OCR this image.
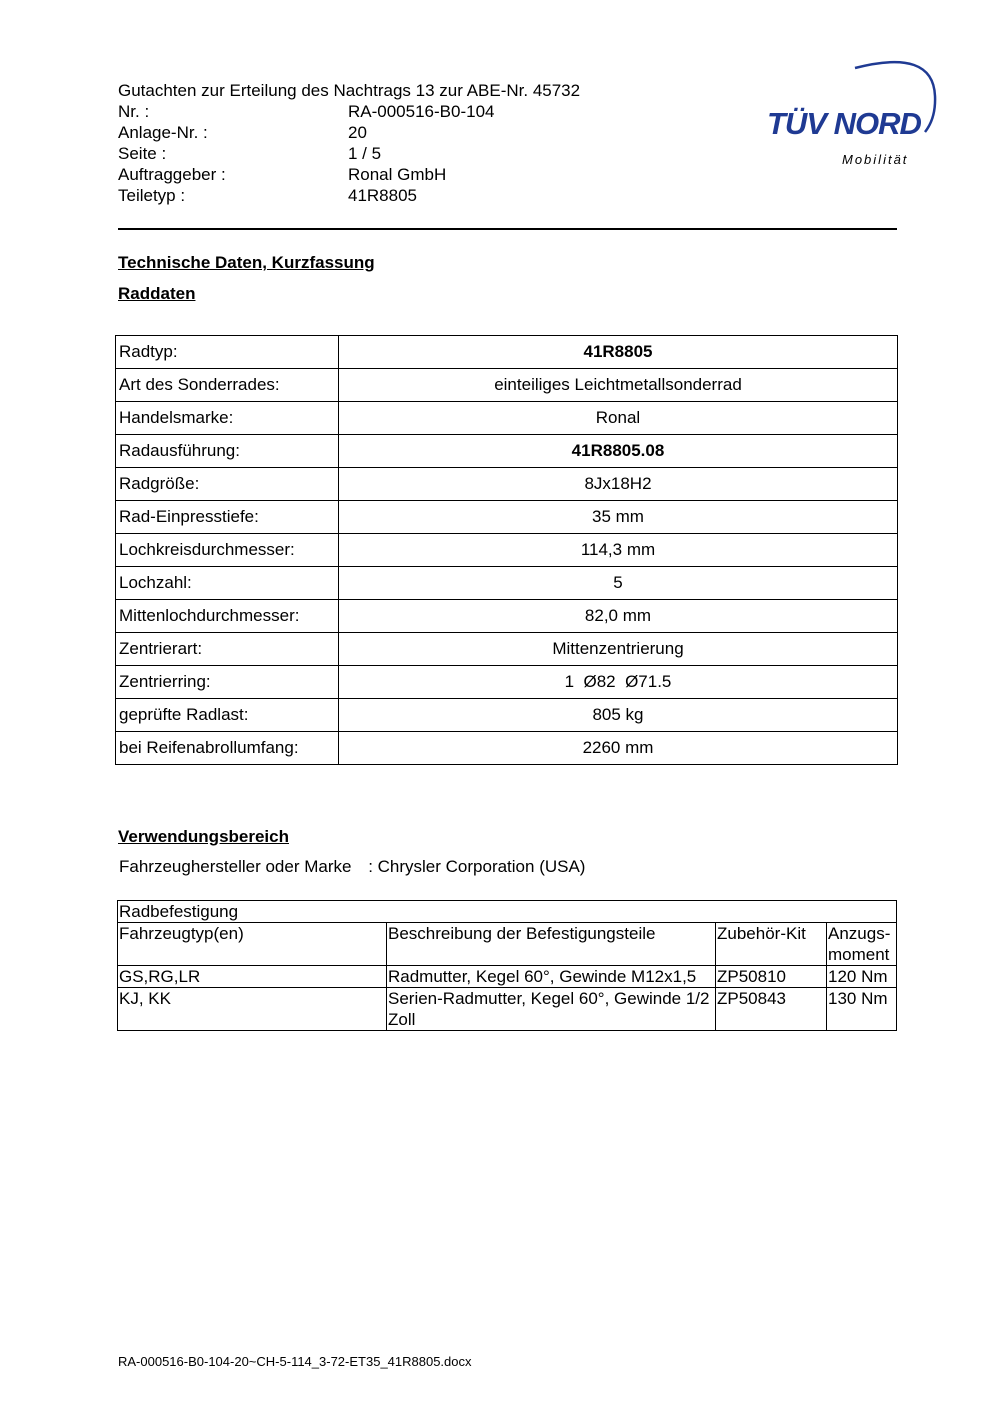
Gutachten zur Erteilung des Nachtrags 13 zur ABE-Nr. 45732
Nr. :	RA-000516-B0-104
Anlage-Nr. :	20
Seite :	1 / 5
Auftraggeber :	Ronal GmbH
Teiletyp :	41R8805
TÜV NORD
Mobilität
Technische Daten, Kurzfassung
Raddaten
Radtyp:	41R8805
Art des Sonderrades:	einteiliges Leichtmetallsonderrad
Handelsmarke:	Ronal
Radausführung:	41R8805.08
Radgröße:	8Jx18H2
Rad-Einpresstiefe:	35 mm
Lochkreisdurchmesser:	114,3 mm
Lochzahl:	5
Mittenlochdurchmesser:	82,0 mm
Zentrierart:	Mittenzentrierung
Zentrierring:	1  Ø82  Ø71.5
geprüfte Radlast:	805 kg
bei Reifenabrollumfang:	2260 mm
Verwendungsbereich
Fahrzeughersteller oder Marke : Chrysler Corporation (USA)
Radbefestigung			
Fahrzeugtyp(en)	Beschreibung der Befestigungsteile	Zubehör-Kit	Anzugs-
moment
GS,RG,LR	Radmutter, Kegel 60°, Gewinde M12x1,5	ZP50810	120 Nm
KJ, KK	Serien-Radmutter, Kegel 60°, Gewinde 1/2 Zoll	ZP50843	130 Nm
RA-000516-B0-104-20~CH-5-114_3-72-ET35_41R8805.docx
